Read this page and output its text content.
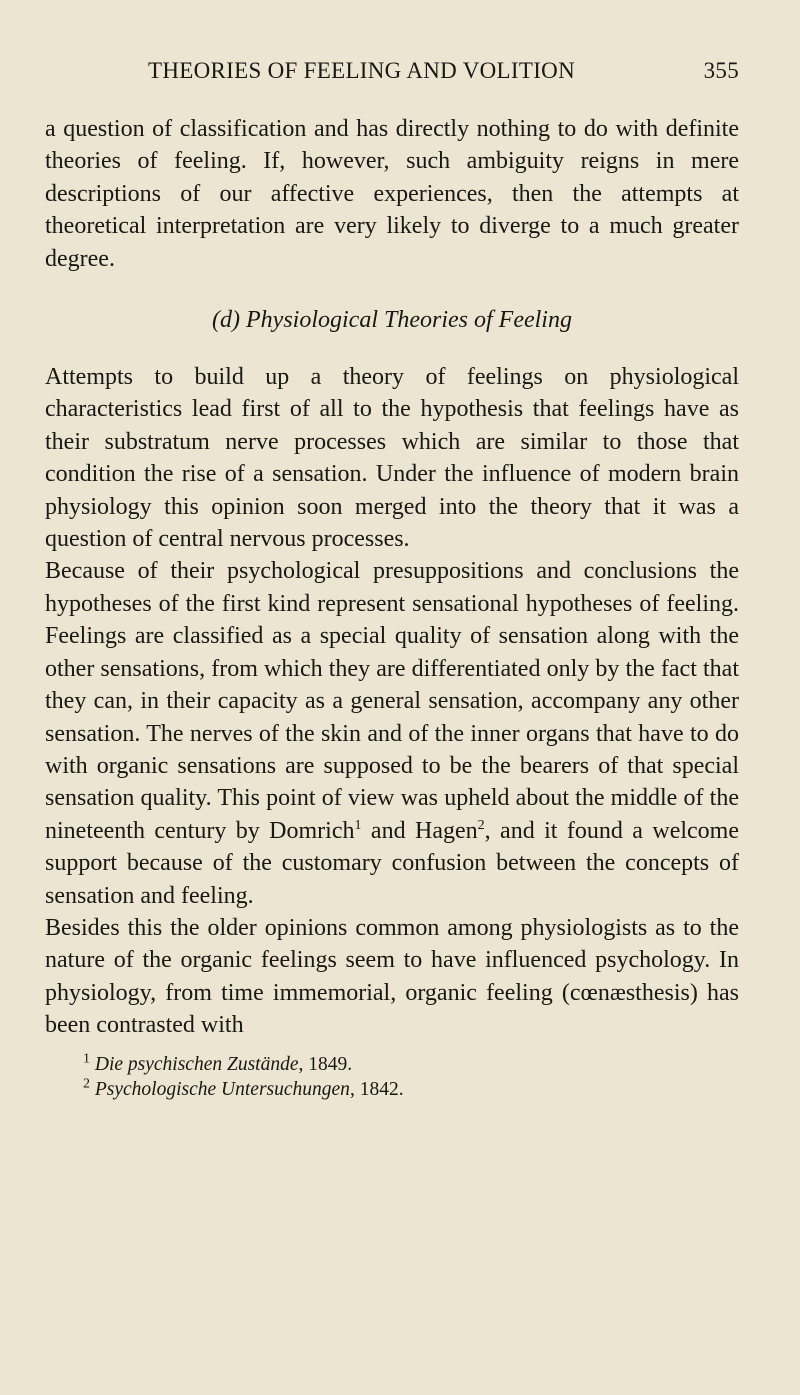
THEORIES OF FEELING AND VOLITION	355

a question of classification and has directly nothing to do with definite theories of feeling. If, however, such ambiguity reigns in mere descriptions of our affective experiences, then the attempts at theoretical interpretation are very likely to diverge to a much greater degree.

(d) Physiological Theories of Feeling

Attempts to build up a theory of feelings on physiological characteristics lead first of all to the hypothesis that feelings have as their substratum nerve processes which are similar to those that condition the rise of a sensation. Under the influence of modern brain physiology this opinion soon merged into the theory that it was a question of central nervous processes.

Because of their psychological presuppositions and conclusions the hypotheses of the first kind represent sensational hypotheses of feeling. Feelings are classified as a special quality of sensation along with the other sensations, from which they are differentiated only by the fact that they can, in their capacity as a general sensation, accompany any other sensation. The nerves of the skin and of the inner organs that have to do with organic sensations are supposed to be the bearers of that special sensation quality. This point of view was upheld about the middle of the nineteenth century by Domrich$^1$ and Hagen$^2$, and it found a welcome support because of the customary confusion between the concepts of sensation and feeling.

Besides this the older opinions common among physiologists as to the nature of the organic feelings seem to have influenced psychology. In physiology, from time immemorial, organic feeling (cœnæsthesis) has been contrasted with

$^1$ Die psychischen Zustände, 1849.
$^2$ Psychologische Untersuchungen, 1842.
